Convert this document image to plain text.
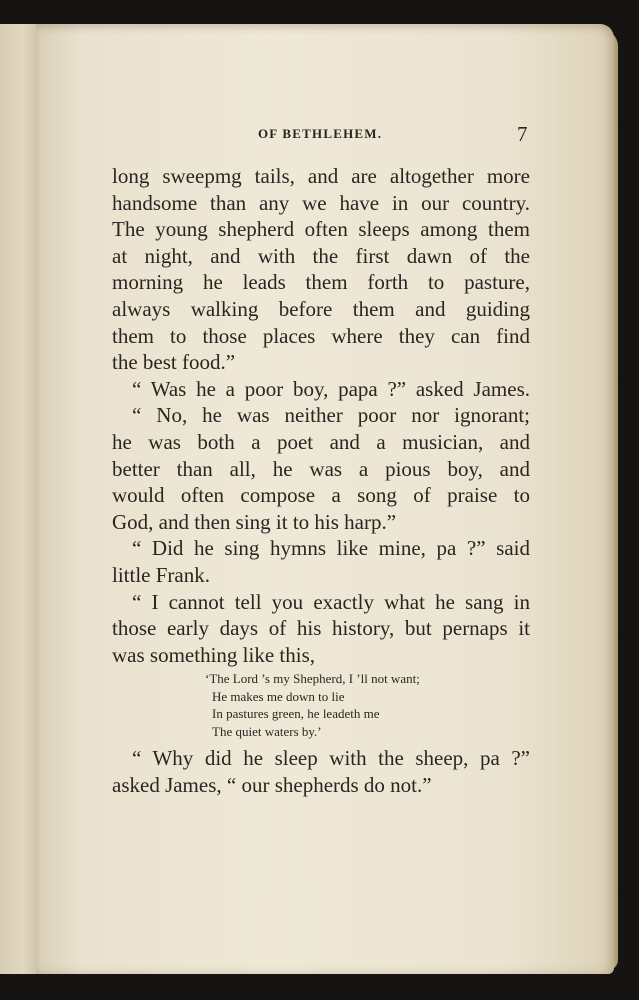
OF BETHLEHEM.	7
long sweepmg tails, and are altogether more
handsome than any we have in our country.
The young shepherd often sleeps among them
at night, and with the first dawn of the
morning he leads them forth to pasture,
always walking before them and guiding
them to those places where they can find
the best food.”
“ Was he a poor boy, papa ?” asked James.
“ No, he was neither poor nor ignorant;
he was both a poet and a musician, and
better than all, he was a pious boy, and
would often compose a song of praise to
God, and then sing it to his harp.”
“ Did he sing hymns like mine, pa ?” said
little Frank.
“ I cannot tell you exactly what he sang in
those early days of his history, but pernaps it
was something like this,
‘The Lord ’s my Shepherd, I ’ll not want;
He makes me down to lie
In pastures green, he leadeth me
The quiet waters by.’
“ Why did he sleep with the sheep, pa ?”
asked James, “ our shepherds do not.”
